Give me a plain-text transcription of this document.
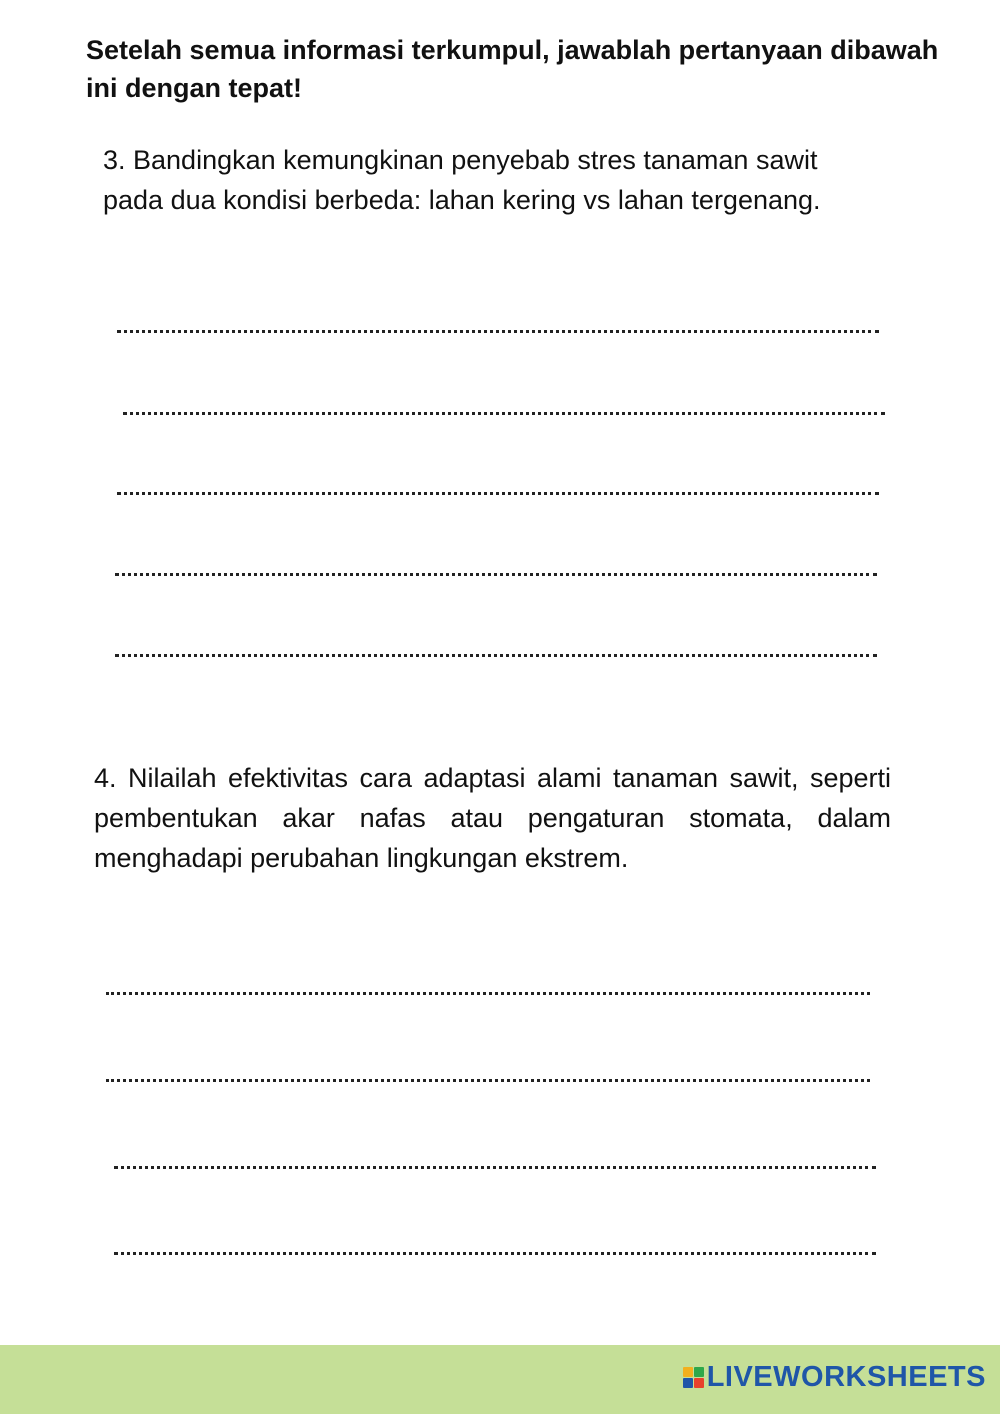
Setelah semua informasi terkumpul, jawablah pertanyaan dibawah ini dengan tepat!

3. Bandingkan kemungkinan penyebab stres tanaman sawit pada dua kondisi berbeda: lahan kering vs lahan tergenang.

4. Nilailah efektivitas cara adaptasi alami tanaman sawit, seperti pembentukan akar nafas atau pengaturan stomata, dalam menghadapi perubahan lingkungan ekstrem.

LIVEWORKSHEETS
